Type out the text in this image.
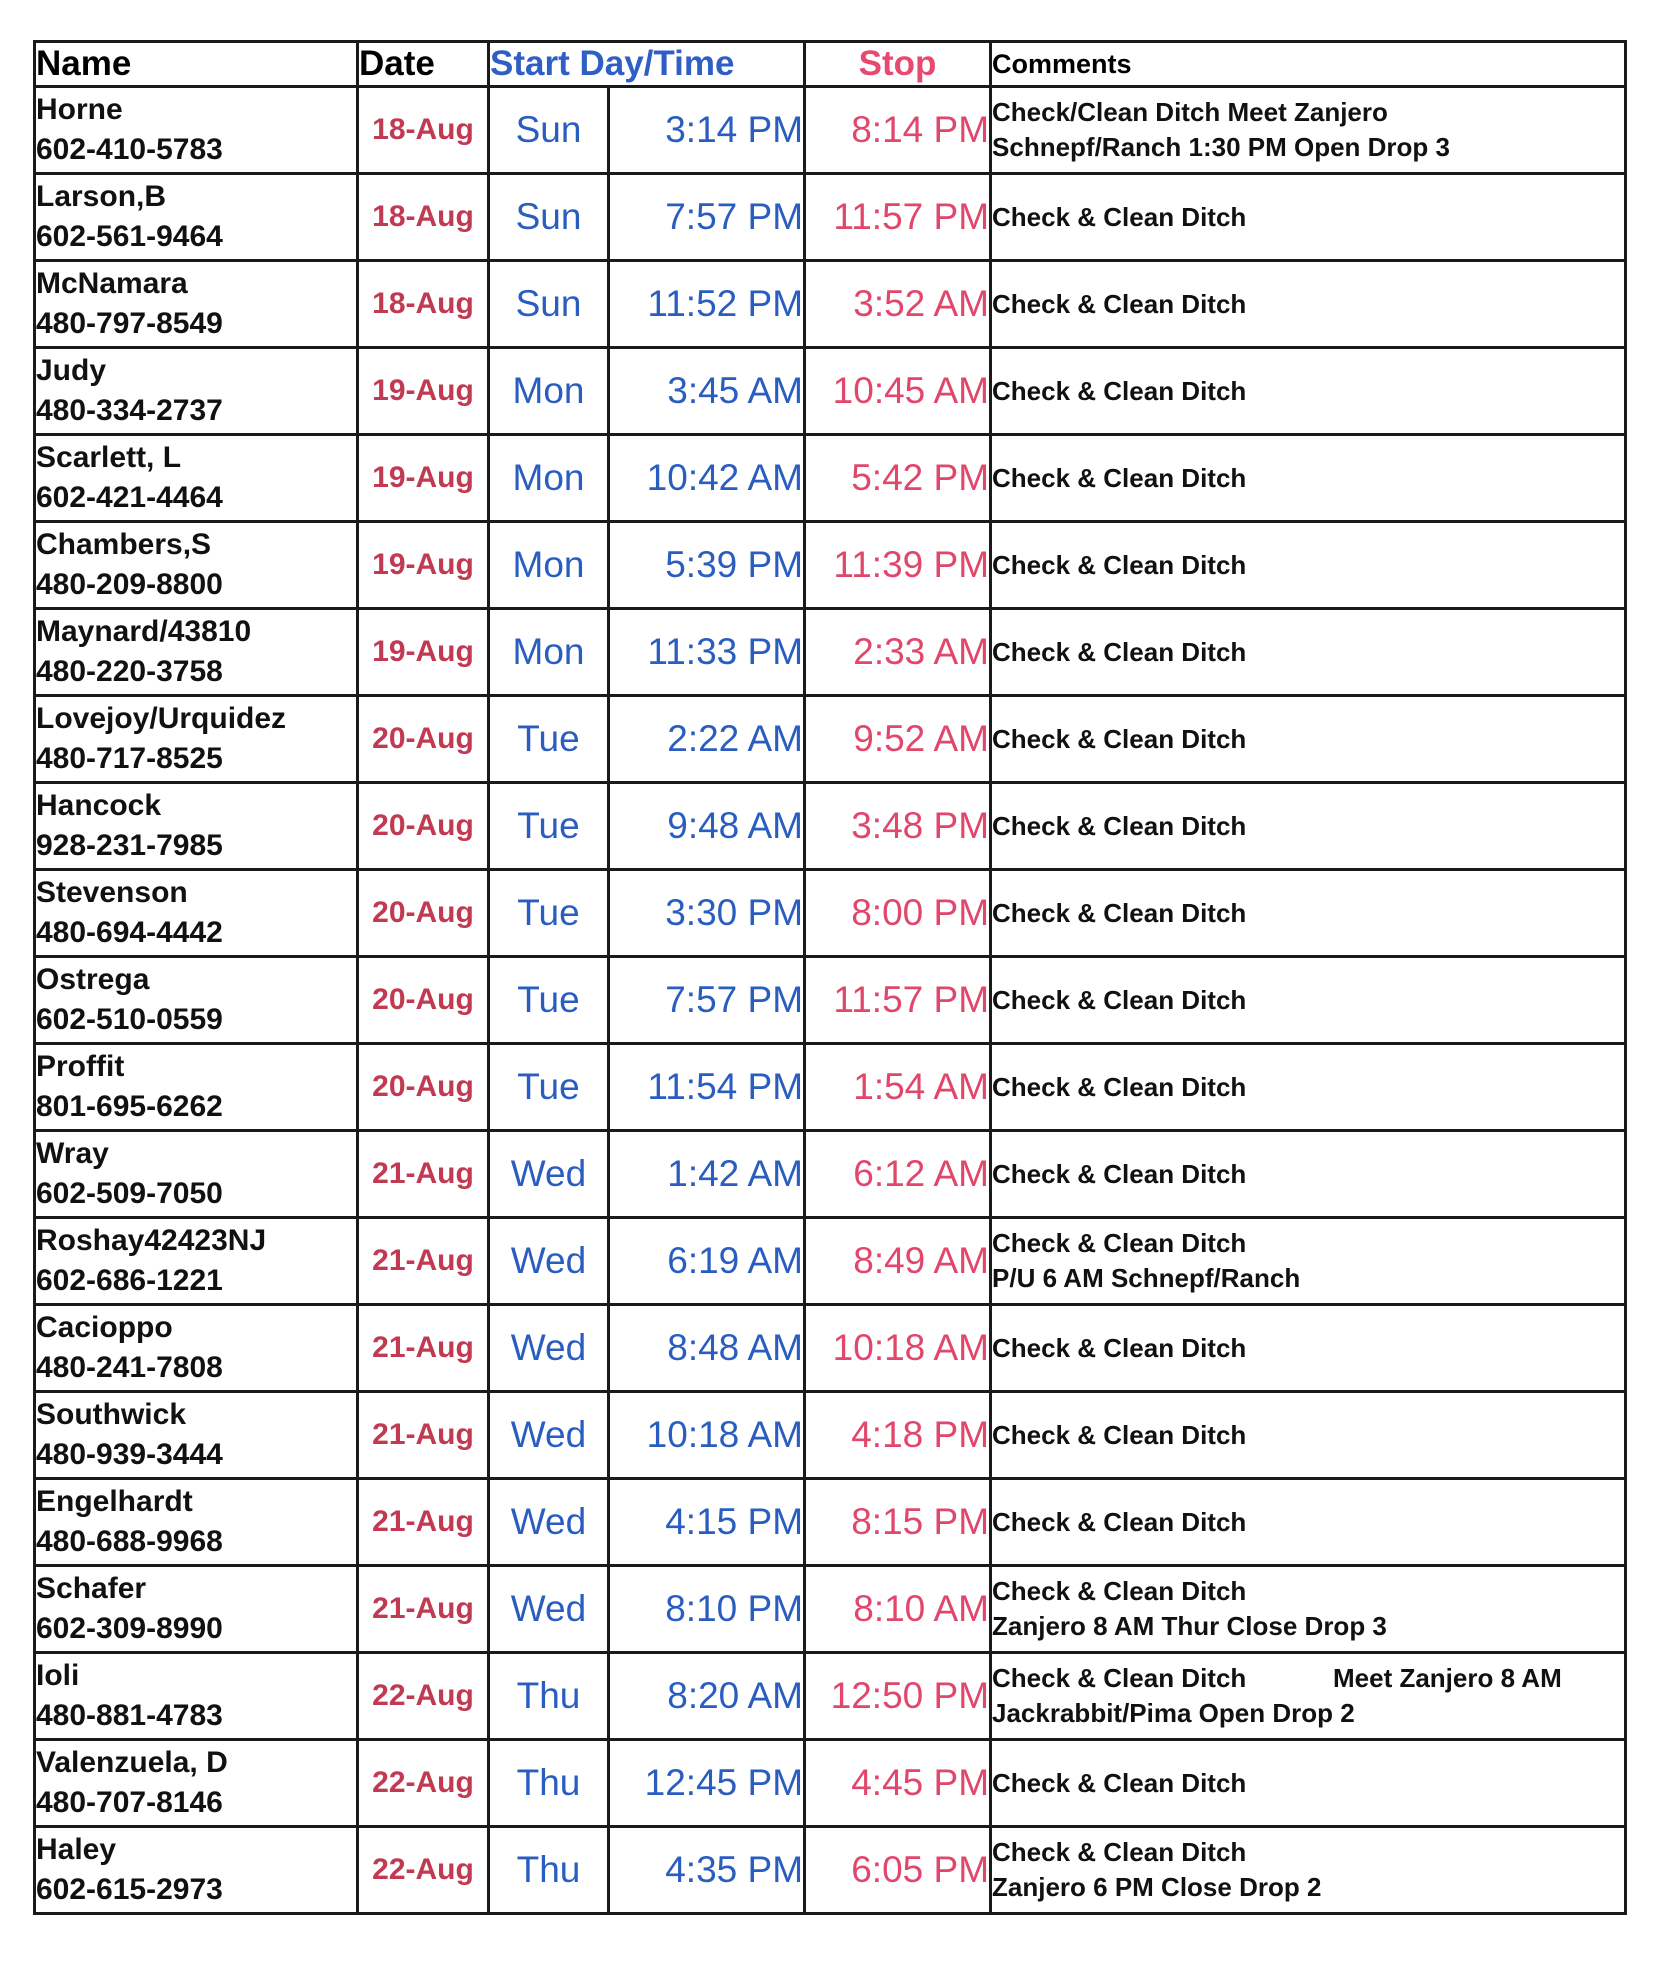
Name	Date	Start Day/Time		Stop	Comments

Horne
602-410-5783	18-Aug	Sun	3:14 PM	8:14 PM	Check/Clean Ditch Meet Zanjero
Schnepf/Ranch 1:30 PM Open Drop 3

Larson,B
602-561-9464	18-Aug	Sun	7:57 PM	11:57 PM	Check & Clean Ditch

McNamara
480-797-8549	18-Aug	Sun	11:52 PM	3:52 AM	Check & Clean Ditch

Judy
480-334-2737	19-Aug	Mon	3:45 AM	10:45 AM	Check & Clean Ditch

Scarlett, L
602-421-4464	19-Aug	Mon	10:42 AM	5:42 PM	Check & Clean Ditch

Chambers,S
480-209-8800	19-Aug	Mon	5:39 PM	11:39 PM	Check & Clean Ditch

Maynard/43810
480-220-3758	19-Aug	Mon	11:33 PM	2:33 AM	Check & Clean Ditch

Lovejoy/Urquidez
480-717-8525	20-Aug	Tue	2:22 AM	9:52 AM	Check & Clean Ditch

Hancock
928-231-7985	20-Aug	Tue	9:48 AM	3:48 PM	Check & Clean Ditch

Stevenson
480-694-4442	20-Aug	Tue	3:30 PM	8:00 PM	Check & Clean Ditch

Ostrega
602-510-0559	20-Aug	Tue	7:57 PM	11:57 PM	Check & Clean Ditch

Proffit
801-695-6262	20-Aug	Tue	11:54 PM	1:54 AM	Check & Clean Ditch

Wray
602-509-7050	21-Aug	Wed	1:42 AM	6:12 AM	Check & Clean Ditch

Roshay42423NJ
602-686-1221	21-Aug	Wed	6:19 AM	8:49 AM	Check & Clean Ditch
P/U 6 AM Schnepf/Ranch

Cacioppo
480-241-7808	21-Aug	Wed	8:48 AM	10:18 AM	Check & Clean Ditch

Southwick
480-939-3444	21-Aug	Wed	10:18 AM	4:18 PM	Check & Clean Ditch

Engelhardt
480-688-9968	21-Aug	Wed	4:15 PM	8:15 PM	Check & Clean Ditch

Schafer
602-309-8990	21-Aug	Wed	8:10 PM	8:10 AM	Check & Clean Ditch
Zanjero 8 AM Thur Close Drop 3

Ioli
480-881-4783	22-Aug	Thu	8:20 AM	12:50 PM	Check & Clean Ditch            Meet Zanjero 8 AM
Jackrabbit/Pima Open Drop 2

Valenzuela, D
480-707-8146	22-Aug	Thu	12:45 PM	4:45 PM	Check & Clean Ditch

Haley
602-615-2973	22-Aug	Thu	4:35 PM	6:05 PM	Check & Clean Ditch
Zanjero 6 PM Close Drop 2
